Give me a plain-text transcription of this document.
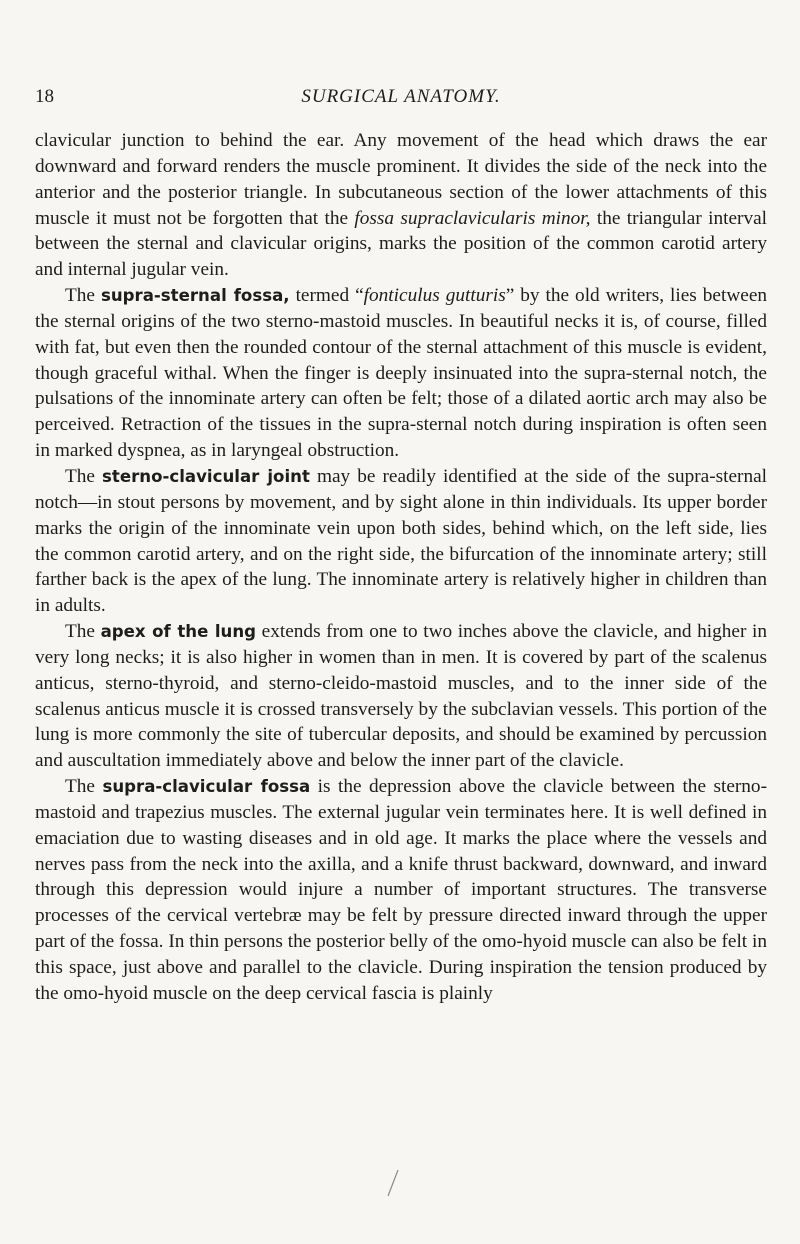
18	SURGICAL ANATOMY.

clavicular junction to behind the ear. Any movement of the head which draws the ear downward and forward renders the muscle prominent. It divides the side of the neck into the anterior and the posterior triangle. In subcutaneous section of the lower attachments of this muscle it must not be forgotten that the fossa supraclavicularis minor, the triangular interval between the sternal and clavicular origins, marks the position of the common carotid artery and internal jugular vein.

The supra-sternal fossa, termed “fonticulus gutturis” by the old writers, lies between the sternal origins of the two sterno-mastoid muscles. In beautiful necks it is, of course, filled with fat, but even then the rounded contour of the sternal attachment of this muscle is evident, though graceful withal. When the finger is deeply insinuated into the supra-sternal notch, the pulsations of the innominate artery can often be felt; those of a dilated aortic arch may also be perceived. Retraction of the tissues in the supra-sternal notch during inspiration is often seen in marked dyspnea, as in laryngeal obstruction.

The sterno-clavicular joint may be readily identified at the side of the supra-sternal notch—in stout persons by movement, and by sight alone in thin individuals. Its upper border marks the origin of the innominate vein upon both sides, behind which, on the left side, lies the common carotid artery, and on the right side, the bifurcation of the innominate artery; still farther back is the apex of the lung. The innominate artery is relatively higher in children than in adults.

The apex of the lung extends from one to two inches above the clavicle, and higher in very long necks; it is also higher in women than in men. It is covered by part of the scalenus anticus, sterno-thyroid, and sterno-cleido-mastoid muscles, and to the inner side of the scalenus anticus muscle it is crossed transversely by the subclavian vessels. This portion of the lung is more commonly the site of tubercular deposits, and should be examined by percussion and auscultation immediately above and below the inner part of the clavicle.

The supra-clavicular fossa is the depression above the clavicle between the sterno-mastoid and trapezius muscles. The external jugular vein terminates here. It is well defined in emaciation due to wasting diseases and in old age. It marks the place where the vessels and nerves pass from the neck into the axilla, and a knife thrust backward, downward, and inward through this depression would injure a number of important structures. The transverse processes of the cervical vertebræ may be felt by pressure directed inward through the upper part of the fossa. In thin persons the posterior belly of the omo-hyoid muscle can also be felt in this space, just above and parallel to the clavicle. During inspiration the tension produced by the omo-hyoid muscle on the deep cervical fascia is plainly
